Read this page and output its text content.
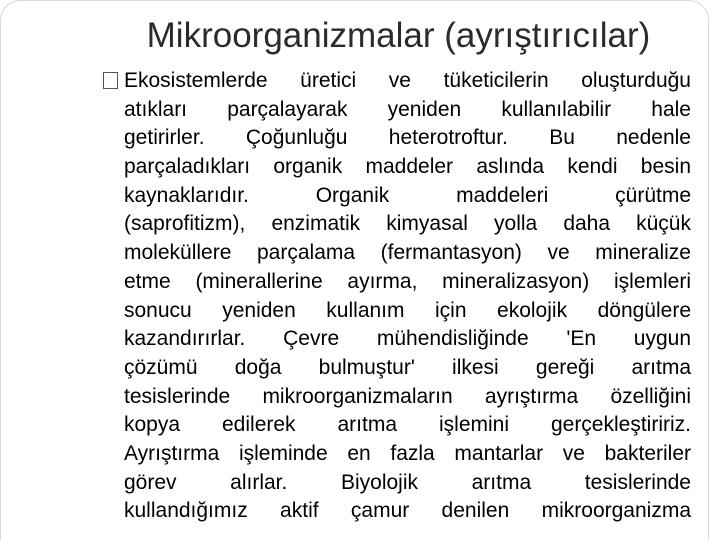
Mikroorganizmalar (ayrıştırıcılar)
Ekosistemlerde üretici ve tüketicilerin oluşturduğu
atıkları parçalayarak yeniden kullanılabilir hale
getirirler. Çoğunluğu heterotroftur. Bu nedenle
parçaladıkları organik maddeler aslında kendi besin
kaynaklarıdır. Organik maddeleri çürütme
(saprofitizm), enzimatik kimyasal yolla daha küçük
moleküllere parçalama (fermantasyon) ve mineralize
etme (minerallerine ayırma, mineralizasyon) işlemleri
sonucu yeniden kullanım için ekolojik döngülere
kazandırırlar. Çevre mühendisliğinde 'En uygun
çözümü doğa bulmuştur' ilkesi gereği arıtma
tesislerinde mikroorganizmaların ayrıştırma özelliğini
kopya edilerek arıtma işlemini gerçekleştiririz.
Ayrıştırma işleminde en fazla mantarlar ve bakteriler
görev alırlar. Biyolojik arıtma tesislerinde
kullandığımız aktif çamur denilen mikroorganizma
